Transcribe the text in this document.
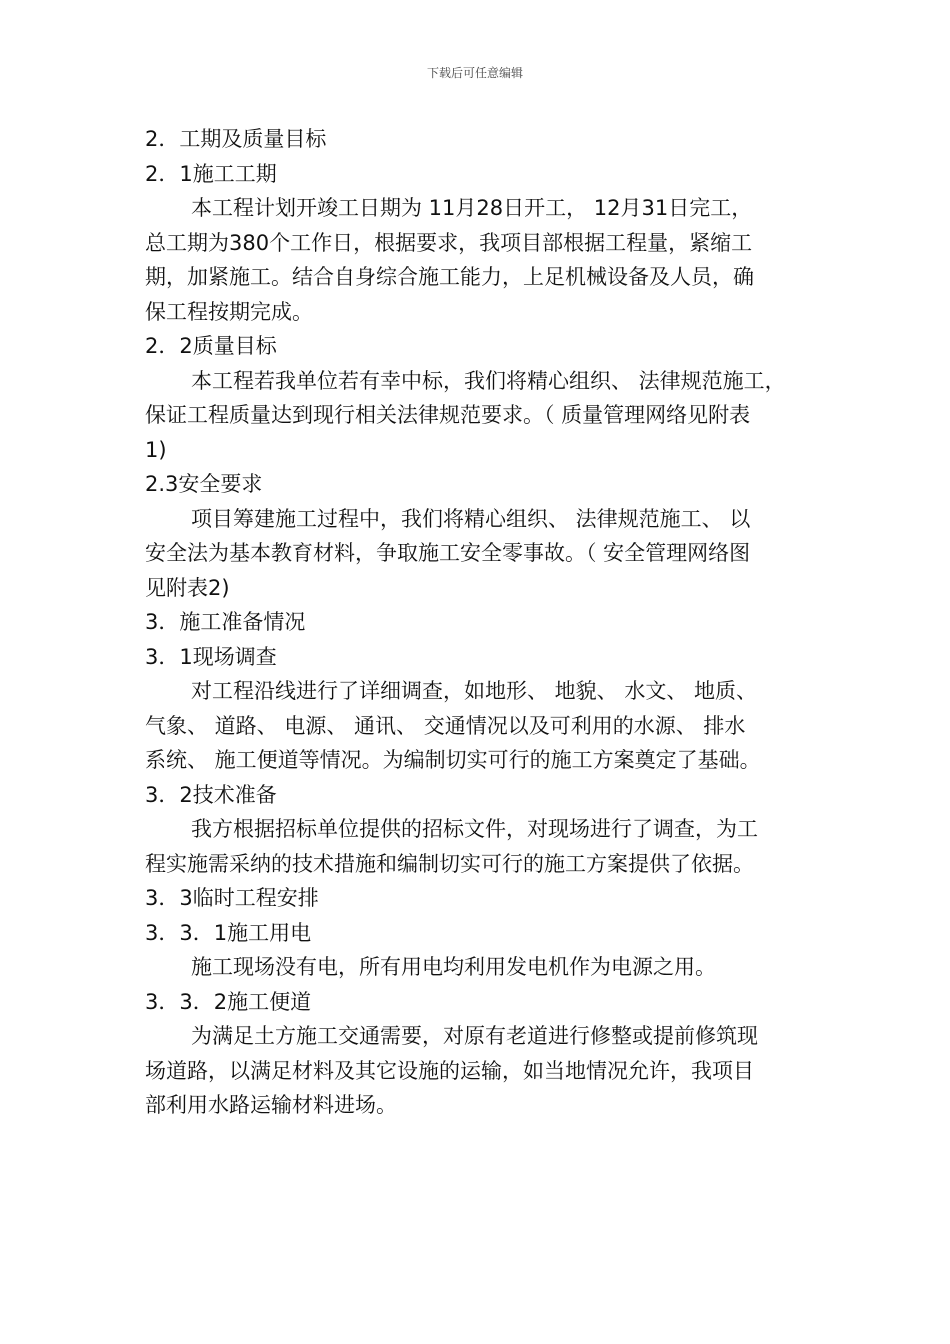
下载后可任意编辑
2．工期及质量目标
2．1施工工期
本工程计划开竣工日期为 11月28日开工， 12月31日完工，
总工期为380个工作日，根据要求，我项目部根据工程量，紧缩工
期，加紧施工。结合自身综合施工能力，上足机械设备及人员，确
保工程按期完成。
2．2质量目标
本工程若我单位若有幸中标，我们将精心组织、 法律规范施工，
保证工程质量达到现行相关法律规范要求。（ 质量管理网络见附表
1)
2.3安全要求
项目筹建施工过程中，我们将精心组织、 法律规范施工、 以
安全法为基本教育材料，争取施工安全零事故。（ 安全管理网络图
见附表2)
3．施工准备情况
3．1现场调查
对工程沿线进行了详细调查，如地形、 地貌、 水文、 地质、
气象、 道路、 电源、 通讯、 交通情况以及可利用的水源、 排水
系统、 施工便道等情况。为编制切实可行的施工方案奠定了基础。
3．2技术准备
我方根据招标单位提供的招标文件，对现场进行了调查，为工
程实施需采纳的技术措施和编制切实可行的施工方案提供了依据。
3．3临时工程安排
3．3．1施工用电
施工现场没有电，所有用电均利用发电机作为电源之用。
3．3．2施工便道
为满足土方施工交通需要，对原有老道进行修整或提前修筑现
场道路，以满足材料及其它设施的运输，如当地情况允许，我项目
部利用水路运输材料进场。
